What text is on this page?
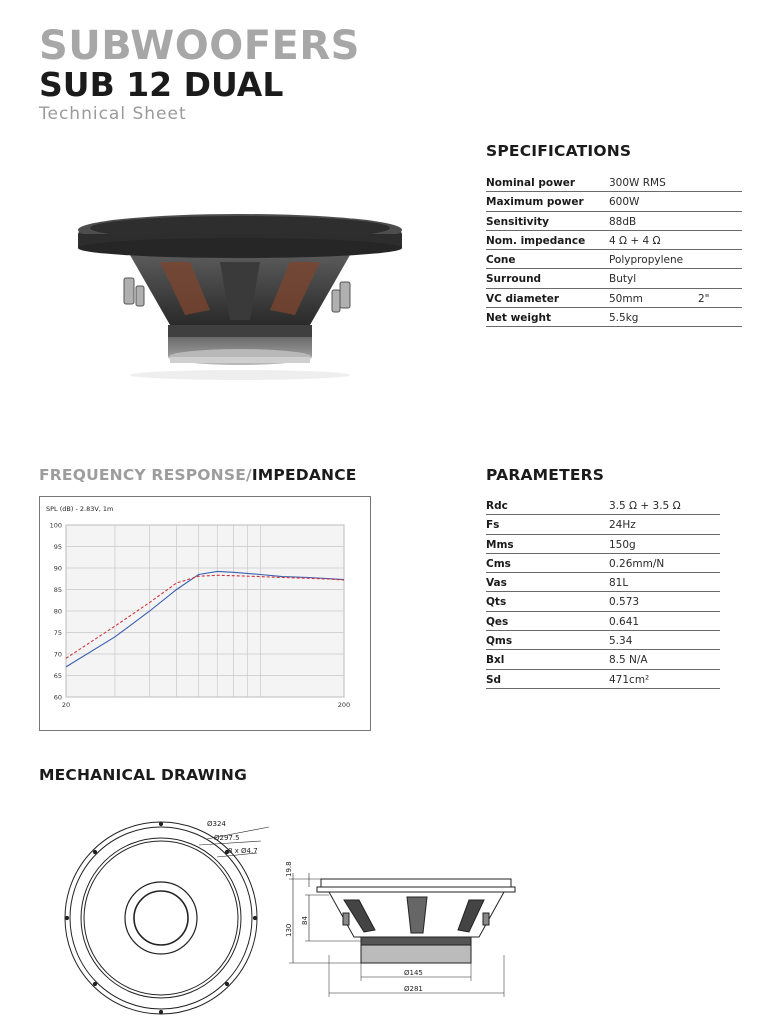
SUBWOOFERS
SUB 12 DUAL
Technical Sheet
SPECIFICATIONS
Nominal power	300W RMS
Maximum power 600W
Sensitivity	88dB
Nom. impedance 4 Ω + 4 Ω
Cone	Polypropylene
Surround	Butyl
VC diameter	50mm	2"
Net weight	5.5kg
FREQUENCY RESPONSE/IMPEDANCE
60
65
70
75
80
85
90
95
100
20	200
SPL (dB) - 2.83V, 1m
PARAMETERS
Rdc	3.5 Ω + 3.5 Ω
Fs	24Hz
Mms	150g
Cms	0.26mm/N
Vas	81L
Qts	0.573
Qes	0.641
Qms	5.34
Bxl	8.5 N/A
Sd	471cm²
MECHANICAL DRAWING
Ø324
Ø297.5
8 x Ø4.7
19.8
84
130
Ø145
Ø281
